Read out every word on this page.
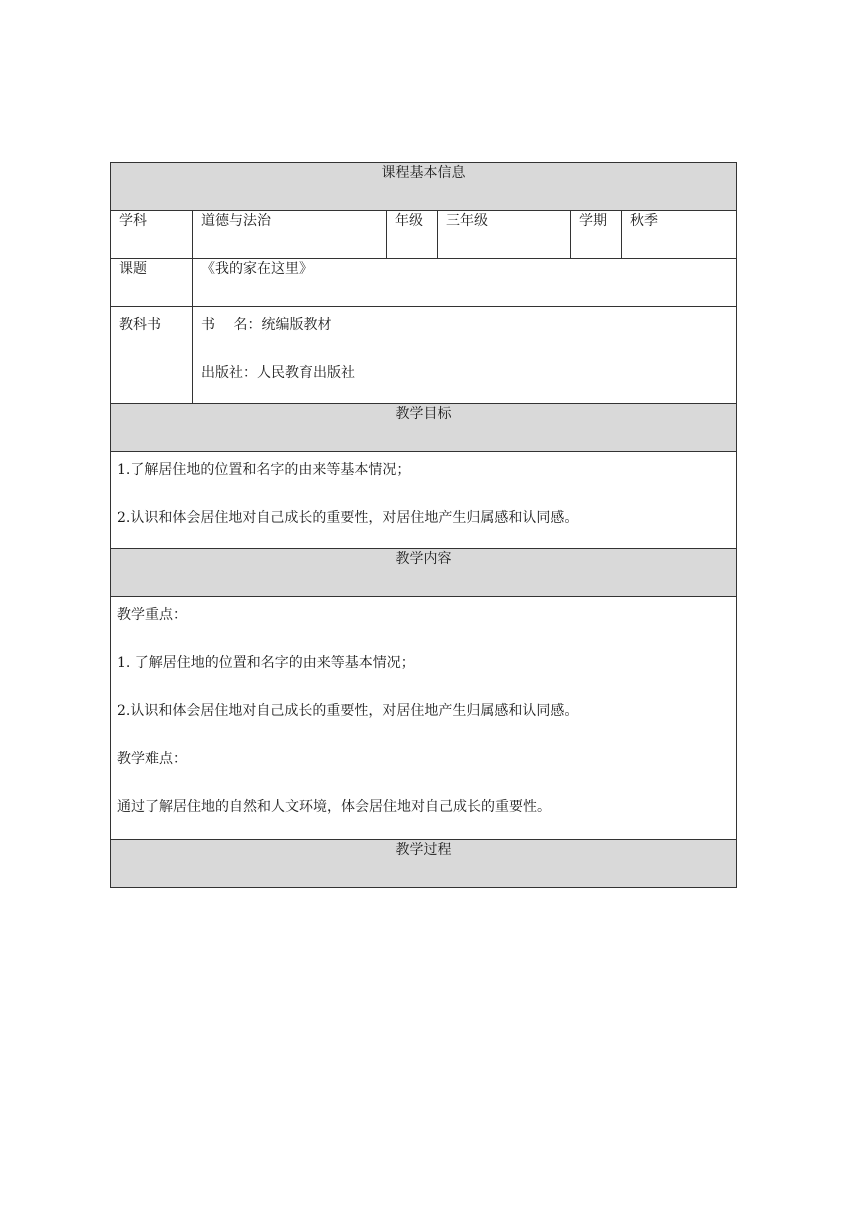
课程基本信息					
学科	道德与法治	年级	三年级	学期	秋季
课题	《我的家在这里》				
教科书	书　 名：统编版教材

出版社：人民教育出版社				

教学目标					

1.了解居住地的位置和名字的由来等基本情况；

2.认识和体会居住地对自己成长的重要性，对居住地产生归属感和认同感。					

教学内容					

教学重点：

1. 了解居住地的位置和名字的由来等基本情况；

2.认识和体会居住地对自己成长的重要性，对居住地产生归属感和认同感。

教学难点：

通过了解居住地的自然和人文环境，体会居住地对自己成长的重要性。					

教学过程					
